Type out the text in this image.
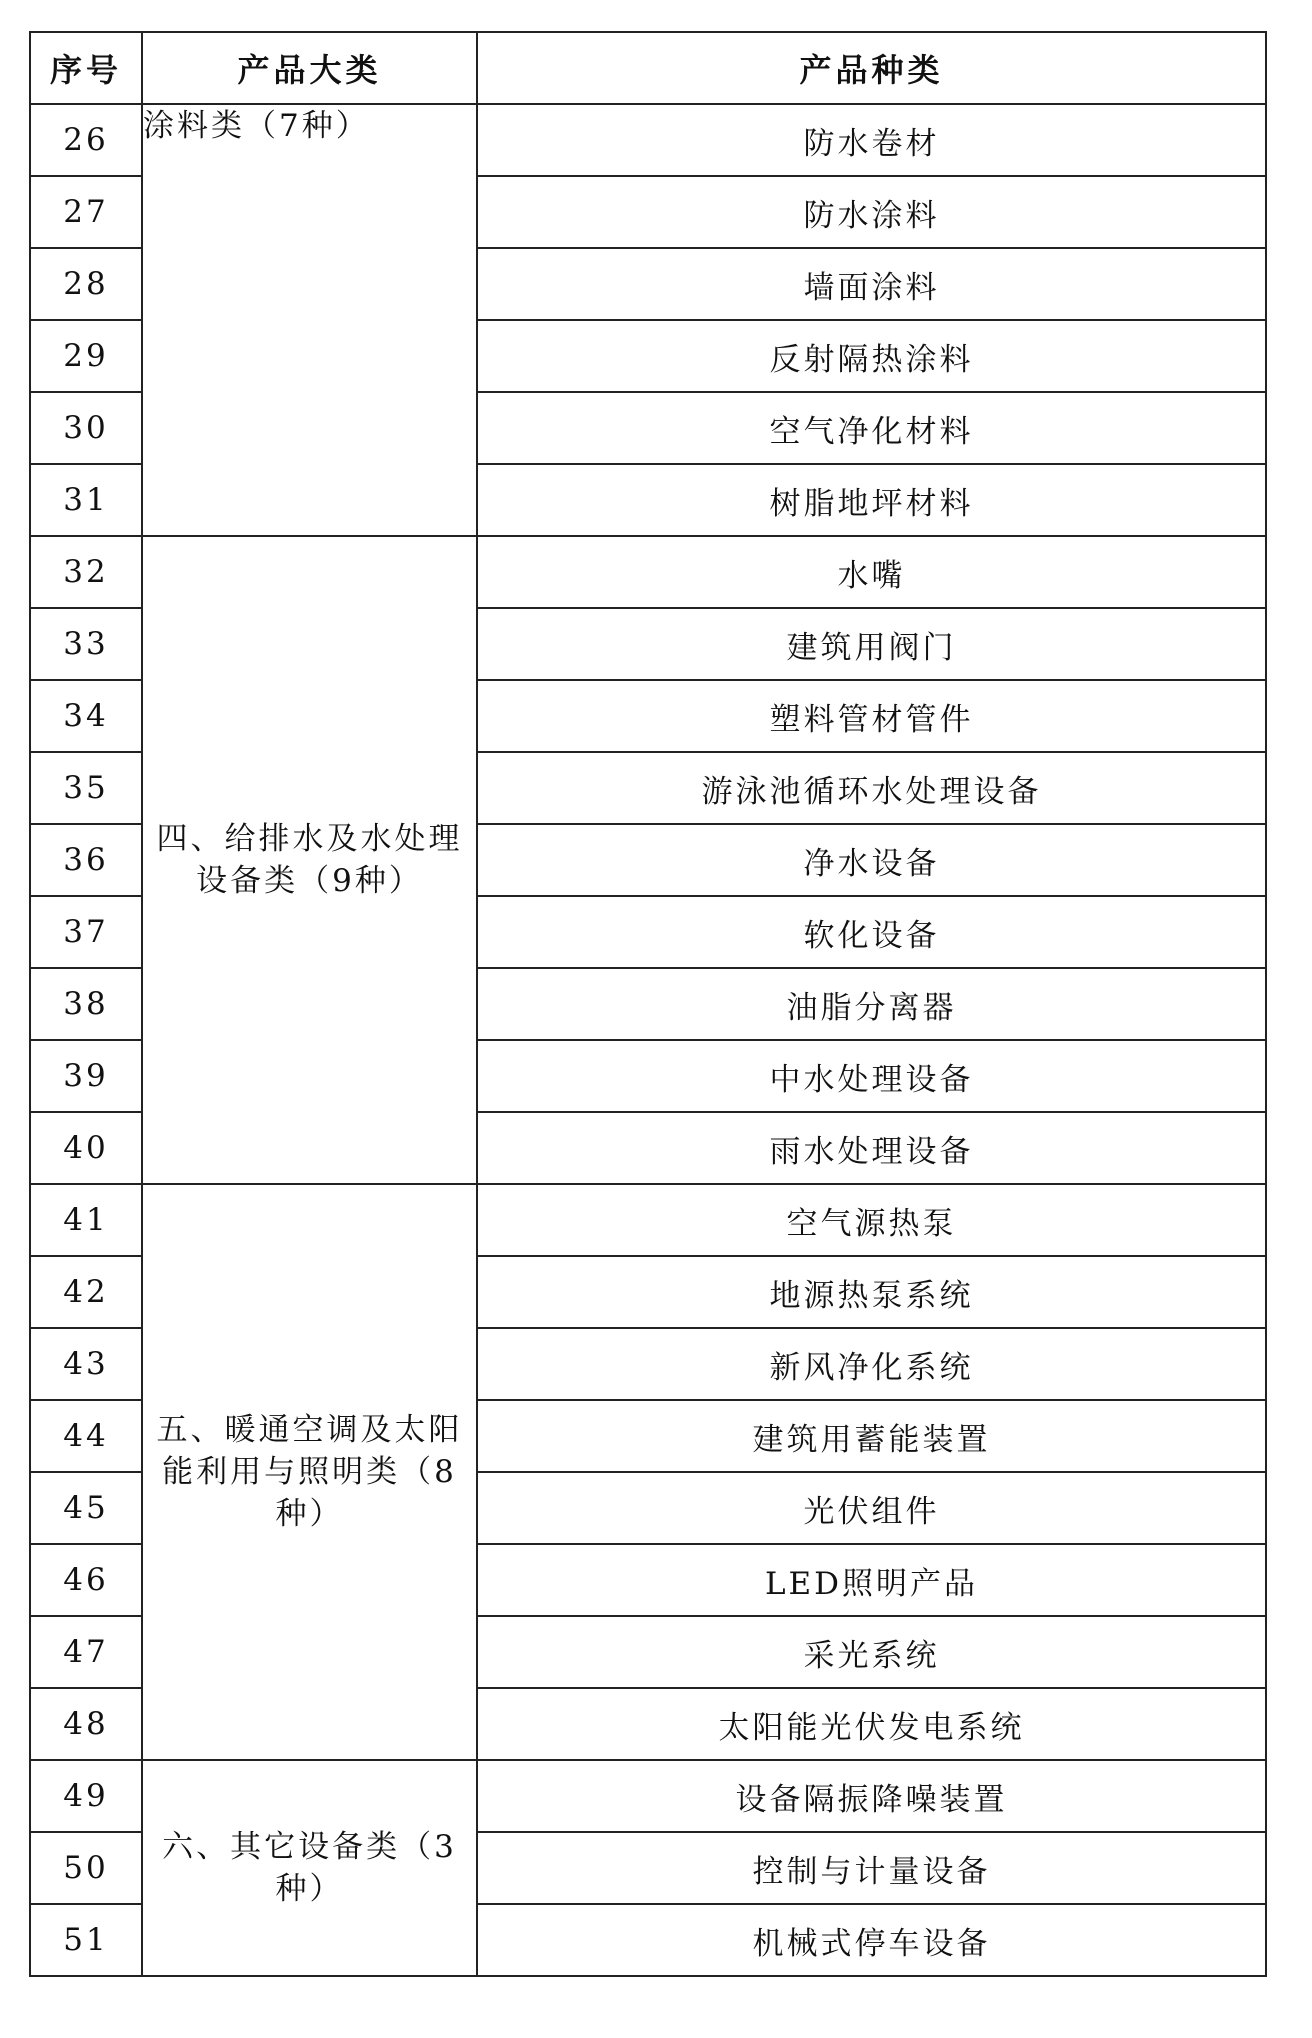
序号	产品大类	产品种类
26	涂料类（7种）	防水卷材
27		防水涂料
28		墙面涂料
29		反射隔热涂料
30		空气净化材料
31		树脂地坪材料
32	四、给排水及水处理设备类（9种）	水嘴
33		建筑用阀门
34		塑料管材管件
35		游泳池循环水处理设备
36		净水设备
37		软化设备
38		油脂分离器
39		中水处理设备
40		雨水处理设备
41	五、暖通空调及太阳能利用与照明类（8种）	空气源热泵
42		地源热泵系统
43		新风净化系统
44		建筑用蓄能装置
45		光伏组件
46		LED照明产品
47		采光系统
48		太阳能光伏发电系统
49	六、其它设备类（3种）	设备隔振降噪装置
50		控制与计量设备
51		机械式停车设备
